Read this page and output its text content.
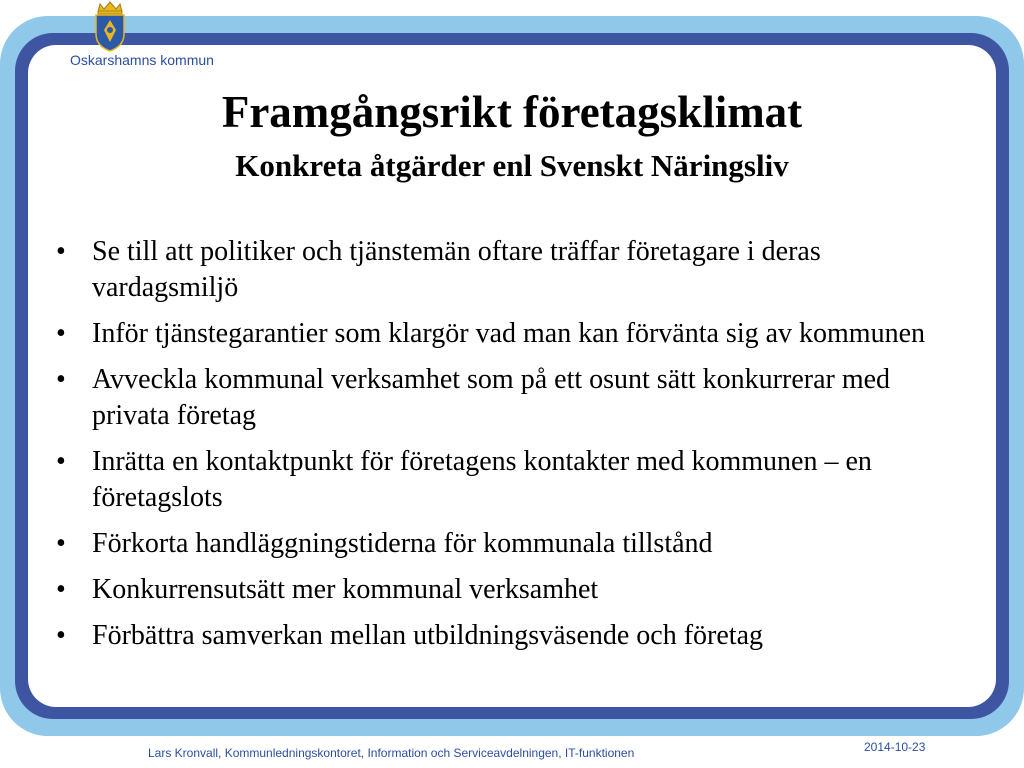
Oskarshamns kommun
Framgångsrikt företagsklimat
Konkreta åtgärder enl Svenskt Näringsliv
• Se till att politiker och tjänstemän oftare träffar företagare i deras vardagsmiljö
• Inför tjänstegarantier som klargör vad man kan förvänta sig av kommunen
• Avveckla kommunal verksamhet som på ett osunt sätt konkurrerar med privata företag
• Inrätta en kontaktpunkt för företagens kontakter med kommunen – en företagslots
• Förkorta handläggningstiderna för kommunala tillstånd
• Konkurrensutsätt mer kommunal verksamhet
• Förbättra samverkan mellan utbildningsväsende och företag
Lars Kronvall, Kommunledningskontoret, Information och Serviceavdelningen, IT-funktionen	2014-10-23
